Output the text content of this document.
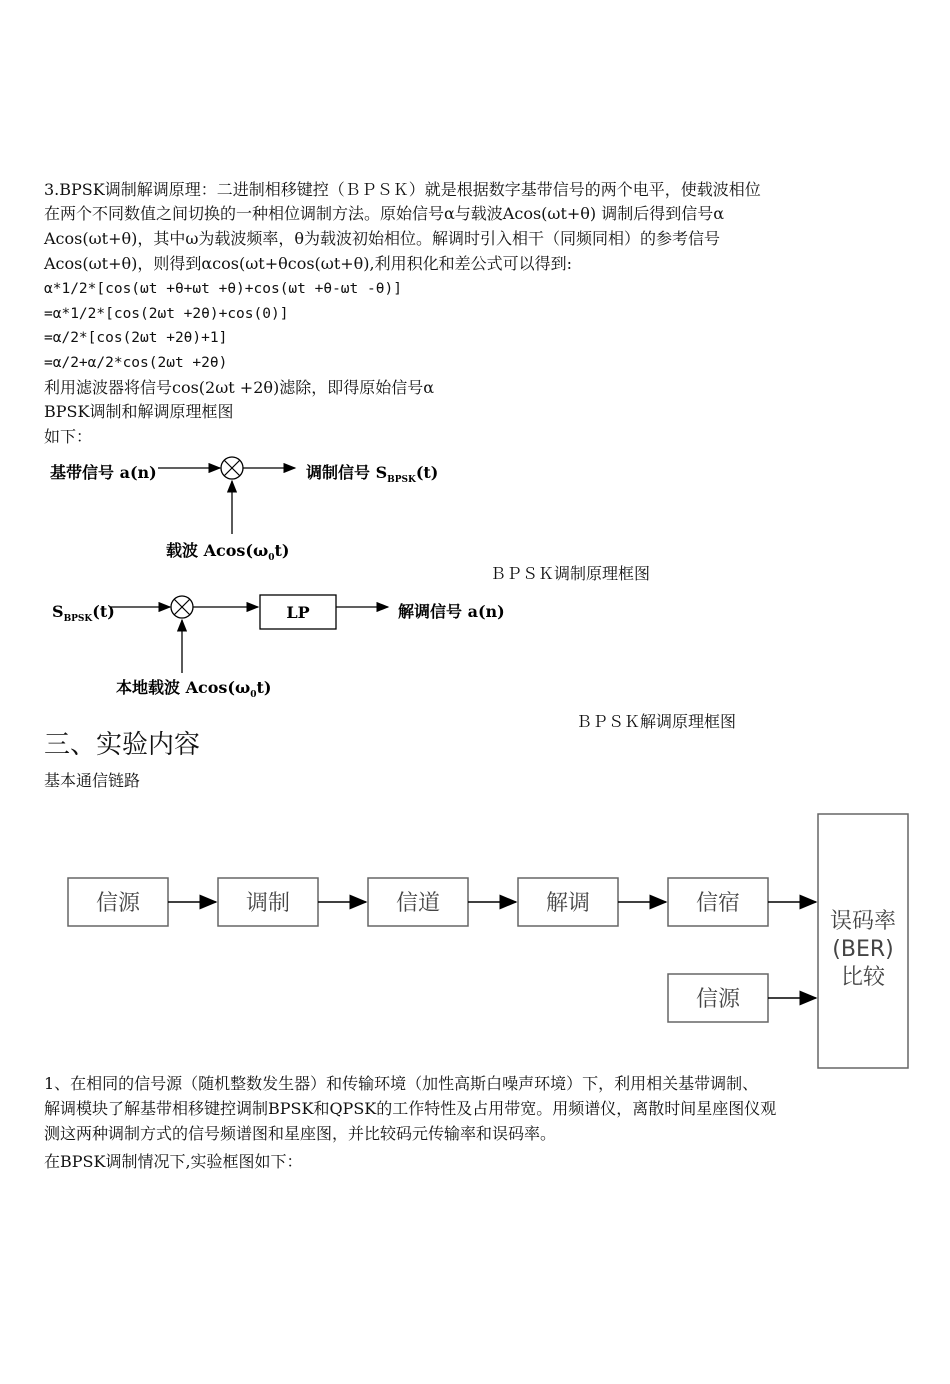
3.BPSK调制解调原理：二进制相移键控（ＢＰＳＫ）就是根据数字基带信号的两个电平，使载波相位
在两个不同数值之间切换的一种相位调制方法。原始信号α与载波Acos(ωt+θ) 调制后得到信号α
Acos(ωt+θ)，其中ω为载波频率，θ为载波初始相位。解调时引入相干（同频同相）的参考信号
Acos(ωt+θ)，则得到αcos(ωt+θcos(ωt+θ),利用积化和差公式可以得到:
α*1/2*[cos(ωt +θ+ωt +θ)+cos(ωt +θ-ωt -θ)]
=α*1/2*[cos(2ωt +2θ)+cos(0)]
=α/2*[cos(2ωt +2θ)+1]
=α/2+α/2*cos(2ωt +2θ)
利用滤波器将信号cos(2ωt +2θ)滤除，即得原始信号α
BPSK调制和解调原理框图
如下：
基带信号 a(n)	调制信号 $S_{BPSK}(t)$
载波 $Acos(\omega_0t)$
ＢＰＳＫ调制原理框图
$S_{BPSK}(t)$	LP	解调信号 a(n)
本地载波 $Acos(\omega_0t)$
ＢＰＳＫ解调原理框图
三、实验内容
基本通信链路
信源	调制	信道	解调	信宿
信源
误码率
(BER)
比较
1、在相同的信号源（随机整数发生器）和传输环境（加性高斯白噪声环境）下，利用相关基带调制、
解调模块了解基带相移键控调制BPSK和QPSK的工作特性及占用带宽。用频谱仪，离散时间星座图仪观
测这两种调制方式的信号频谱图和星座图，并比较码元传输率和误码率。
在BPSK调制情况下,实验框图如下：
